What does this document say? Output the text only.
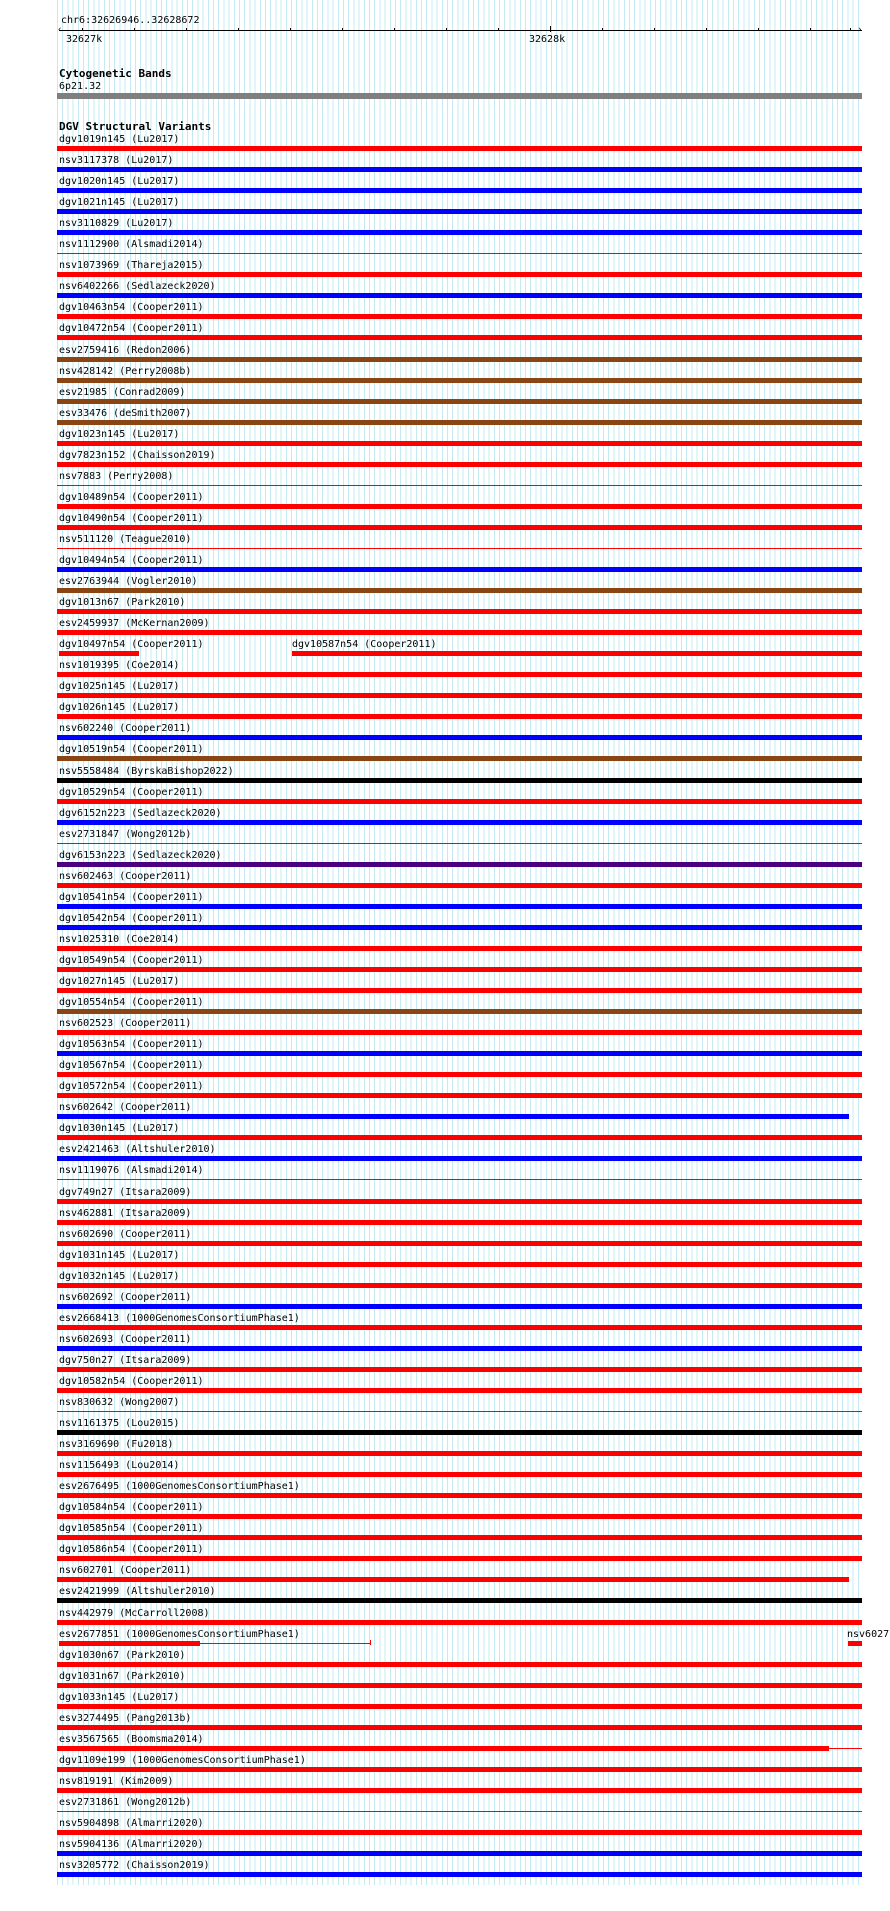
chr6:32626946..32628672
‹	›
32627k	32628k
Cytogenetic Bands
6p21.32
DGV Structural Variants
dgv1019n145 (Lu2017)
nsv3117378 (Lu2017)
dgv1020n145 (Lu2017)
dgv1021n145 (Lu2017)
nsv3110829 (Lu2017)
nsv1112900 (Alsmadi2014)
nsv1073969 (Thareja2015)
nsv6402266 (Sedlazeck2020)
dgv10463n54 (Cooper2011)
dgv10472n54 (Cooper2011)
esv2759416 (Redon2006)
nsv428142 (Perry2008b)
esv21985 (Conrad2009)
esv33476 (deSmith2007)
dgv1023n145 (Lu2017)
dgv7823n152 (Chaisson2019)
nsv7883 (Perry2008)
dgv10489n54 (Cooper2011)
dgv10490n54 (Cooper2011)
nsv511120 (Teague2010)
dgv10494n54 (Cooper2011)
esv2763944 (Vogler2010)
dgv1013n67 (Park2010)
esv2459937 (McKernan2009)
dgv10497n54 (Cooper2011)	dgv10587n54 (Cooper2011)
nsv1019395 (Coe2014)
dgv1025n145 (Lu2017)
dgv1026n145 (Lu2017)
nsv602240 (Cooper2011)
dgv10519n54 (Cooper2011)
nsv5558484 (ByrskaBishop2022)
dgv10529n54 (Cooper2011)
dgv6152n223 (Sedlazeck2020)
esv2731847 (Wong2012b)
dgv6153n223 (Sedlazeck2020)
nsv602463 (Cooper2011)
dgv10541n54 (Cooper2011)
dgv10542n54 (Cooper2011)
nsv1025310 (Coe2014)
dgv10549n54 (Cooper2011)
dgv1027n145 (Lu2017)
dgv10554n54 (Cooper2011)
nsv602523 (Cooper2011)
dgv10563n54 (Cooper2011)
dgv10567n54 (Cooper2011)
dgv10572n54 (Cooper2011)
nsv602642 (Cooper2011)
dgv1030n145 (Lu2017)
esv2421463 (Altshuler2010)
nsv1119076 (Alsmadi2014)
dgv749n27 (Itsara2009)
nsv462881 (Itsara2009)
nsv602690 (Cooper2011)
dgv1031n145 (Lu2017)
dgv1032n145 (Lu2017)
nsv602692 (Cooper2011)
esv2668413 (1000GenomesConsortiumPhase1)
nsv602693 (Cooper2011)
dgv750n27 (Itsara2009)
dgv10582n54 (Cooper2011)
nsv830632 (Wong2007)
nsv1161375 (Lou2015)
nsv3169690 (Fu2018)
nsv1156493 (Lou2014)
esv2676495 (1000GenomesConsortiumPhase1)
dgv10584n54 (Cooper2011)
dgv10585n54 (Cooper2011)
dgv10586n54 (Cooper2011)
nsv602701 (Cooper2011)
esv2421999 (Altshuler2010)
nsv442979 (McCarroll2008)
esv2677851 (1000GenomesConsortiumPhase1)	nsv6027
dgv1030n67 (Park2010)
dgv1031n67 (Park2010)
dgv1033n145 (Lu2017)
esv3274495 (Pang2013b)
esv3567565 (Boomsma2014)
dgv1109e199 (1000GenomesConsortiumPhase1)
nsv819191 (Kim2009)
esv2731861 (Wong2012b)
nsv5904898 (Almarri2020)
nsv5904136 (Almarri2020)
nsv3205772 (Chaisson2019)
